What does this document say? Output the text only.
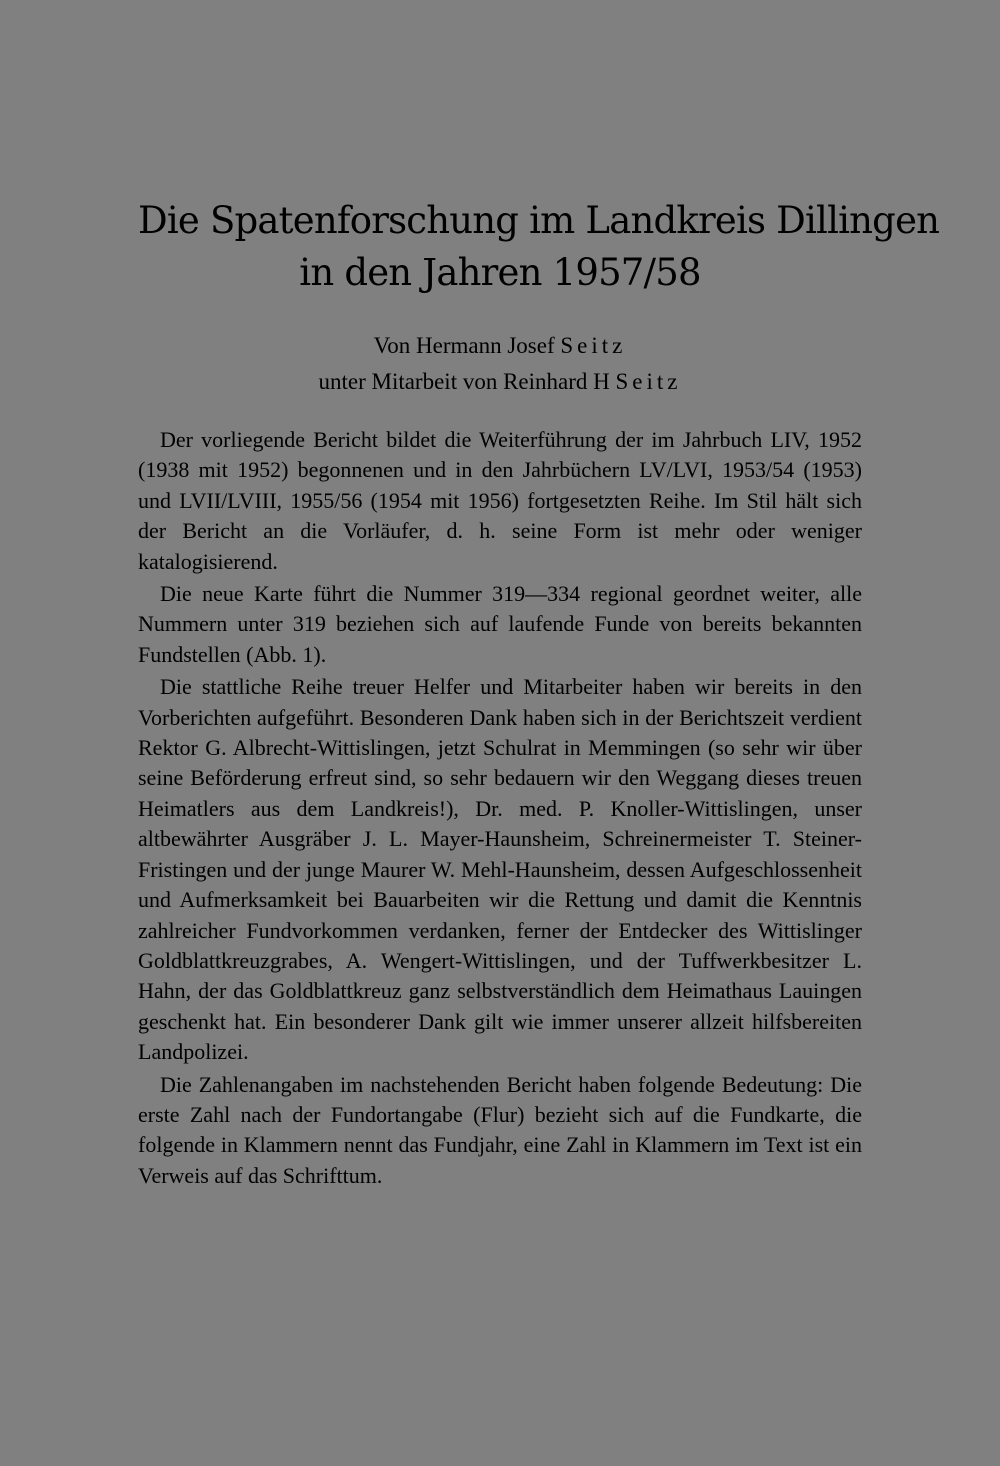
Die Spatenforschung im Landkreis Dillingen
in den Jahren 1957/58

Von Hermann Josef Seitz

unter Mitarbeit von Reinhard H Seitz

Der vorliegende Bericht bildet die Weiterführung der im Jahrbuch LIV, 1952 (1938 mit 1952) begonnenen und in den Jahrbüchern LV/LVI, 1953/54 (1953) und LVII/LVIII, 1955/56 (1954 mit 1956) fortgesetzten Reihe. Im Stil hält sich der Bericht an die Vorläufer, d. h. seine Form ist mehr oder weniger katalogisierend.

Die neue Karte führt die Nummer 319—334 regional geordnet weiter, alle Nummern unter 319 beziehen sich auf laufende Funde von bereits bekannten Fundstellen (Abb. 1).

Die stattliche Reihe treuer Helfer und Mitarbeiter haben wir bereits in den Vorberichten aufgeführt. Besonderen Dank haben sich in der Berichtszeit verdient Rektor G. Albrecht-Wittislingen, jetzt Schulrat in Memmingen (so sehr wir über seine Beförderung erfreut sind, so sehr bedauern wir den Weggang dieses treuen Heimatlers aus dem Landkreis!), Dr. med. P. Knoller-Wittislingen, unser altbewährter Ausgräber J. L. Mayer-Haunsheim, Schreinermeister T. Steiner-Fristingen und der junge Maurer W. Mehl-Haunsheim, dessen Aufgeschlossenheit und Aufmerksamkeit bei Bauarbeiten wir die Rettung und damit die Kenntnis zahlreicher Fundvorkommen verdanken, ferner der Entdecker des Wittislinger Goldblattkreuzgrabes, A. Wengert-Wittislingen, und der Tuffwerkbesitzer L. Hahn, der das Goldblattkreuz ganz selbstverständlich dem Heimathaus Lauingen geschenkt hat. Ein besonderer Dank gilt wie immer unserer allzeit hilfsbereiten Landpolizei.

Die Zahlenangaben im nachstehenden Bericht haben folgende Bedeutung: Die erste Zahl nach der Fundortangabe (Flur) bezieht sich auf die Fundkarte, die folgende in Klammern nennt das Fundjahr, eine Zahl in Klammern im Text ist ein Verweis auf das Schrifttum.
